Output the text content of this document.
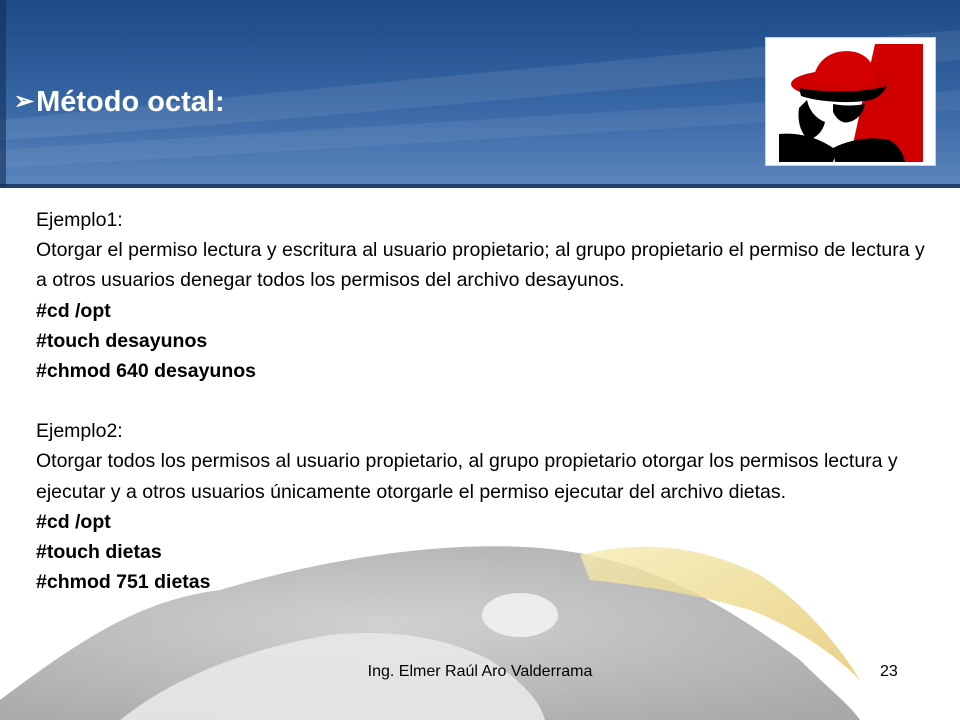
➢Método octal:

Ejemplo1:

Otorgar el permiso lectura y escritura al usuario propietario; al grupo propietario el permiso de lectura y a otros usuarios denegar todos los permisos del archivo desayunos.

#cd /opt

#touch desayunos

#chmod 640 desayunos

Ejemplo2:

Otorgar todos los permisos al usuario propietario, al grupo propietario otorgar los permisos lectura y ejecutar y a otros usuarios únicamente otorgarle el permiso ejecutar del archivo dietas.

#cd /opt

#touch dietas

#chmod 751 dietas

Ing. Elmer Raúl Aro Valderrama	23
